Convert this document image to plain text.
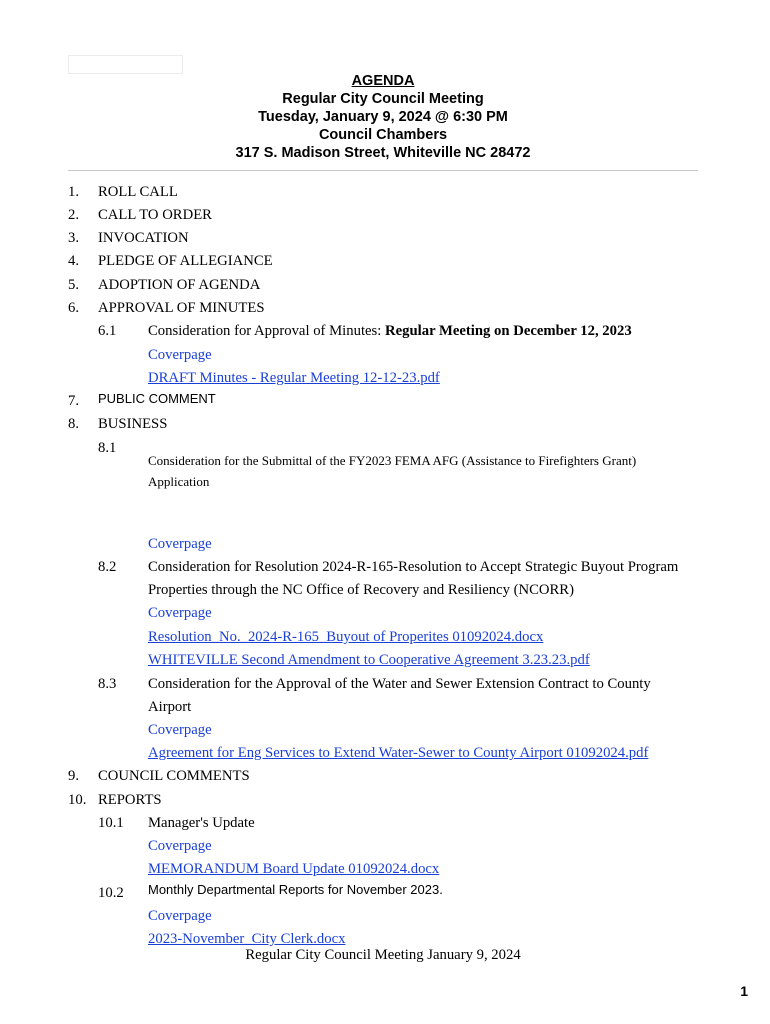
AGENDA
Regular City Council Meeting
Tuesday, January 9, 2024 @ 6:30 PM
Council Chambers
317 S. Madison Street, Whiteville NC 28472
1. ROLL CALL
2. CALL TO ORDER
3. INVOCATION
4. PLEDGE OF ALLEGIANCE
5. ADOPTION OF AGENDA
6. APPROVAL OF MINUTES
6.1 Consideration for Approval of Minutes: Regular Meeting on December 12, 2023
Coverpage
DRAFT Minutes - Regular Meeting 12-12-23.pdf
7. PUBLIC COMMENT
8. BUSINESS
8.1
Consideration for the Submittal of the FY2023 FEMA AFG (Assistance to Firefighters Grant)
Application
Coverpage
8.2 Consideration for Resolution 2024-R-165-Resolution to Accept Strategic Buyout Program
Properties through the NC Office of Recovery and Resiliency (NCORR)
Coverpage
Resolution_No._2024-R-165_Buyout of Properites 01092024.docx
WHITEVILLE Second Amendment to Cooperative Agreement 3.23.23.pdf
8.3 Consideration for the Approval of the Water and Sewer Extension Contract to County
Airport
Coverpage
Agreement for Eng Services to Extend Water-Sewer to County Airport 01092024.pdf
9. COUNCIL COMMENTS
10. REPORTS
10.1 Manager's Update
Coverpage
MEMORANDUM Board Update 01092024.docx
10.2 Monthly Departmental Reports for November 2023.
Coverpage
2023-November_City Clerk.docx
Regular City Council Meeting January 9, 2024
1
